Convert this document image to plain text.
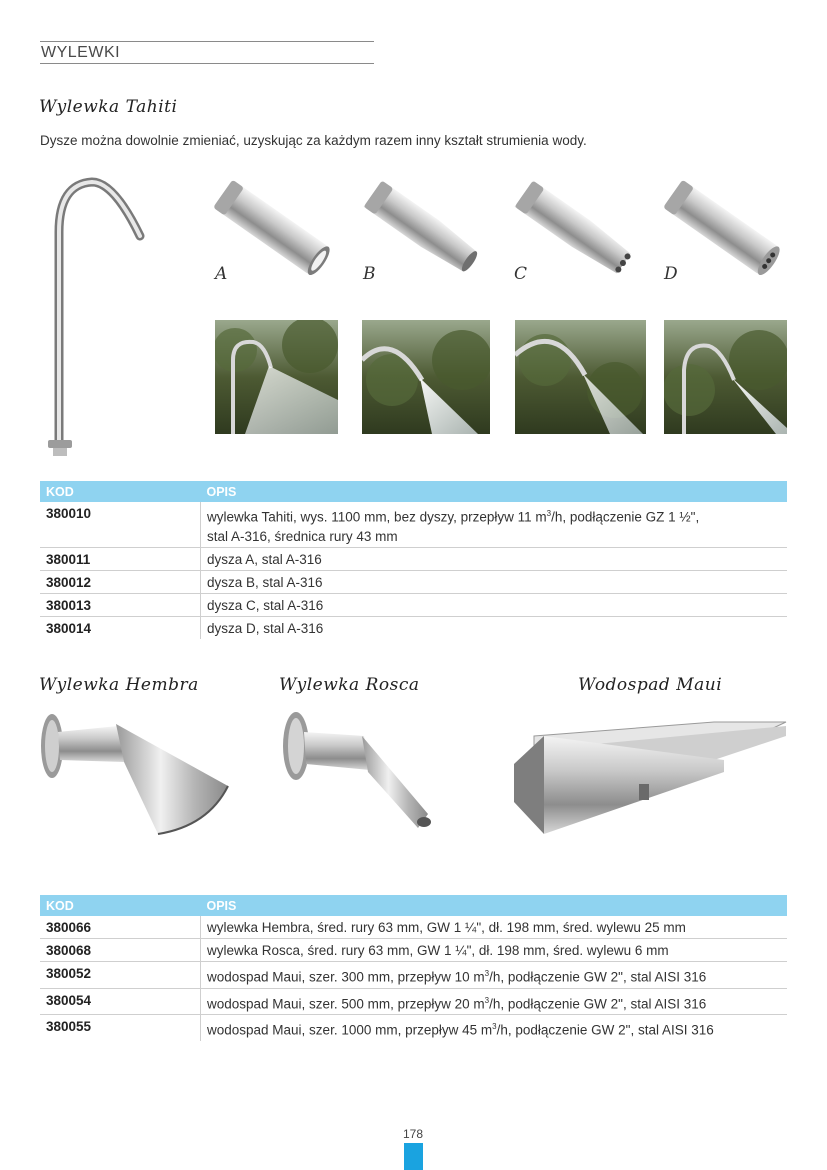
WYLEWKI
Wylewka Tahiti
Dysze można dowolnie zmieniać, uzyskując za każdym razem inny kształt strumienia wody.
A	B	C	D
KOD	OPIS
380010	wylewka Tahiti, wys. 1100 mm, bez dyszy, przepływ 11 $m^3/h$, podłączenie GZ 1 ½",
stal A-316, średnica rury 43 mm
380011	dysza A, stal A-316
380012	dysza B, stal A-316
380013	dysza C, stal A-316
380014	dysza D, stal A-316
Wylewka Hembra	Wylewka Rosca	Wodospad Maui
KOD	OPIS
380066	wylewka Hembra, śred. rury 63 mm, GW 1 ¼", dł. 198 mm, śred. wylewu 25 mm
380068	wylewka Rosca, śred. rury 63 mm, GW 1 ¼", dł. 198 mm, śred. wylewu 6 mm
380052	wodospad Maui, szer. 300 mm, przepływ 10 $m^3/h$, podłączenie GW 2", stal AISI 316
380054	wodospad Maui, szer. 500 mm, przepływ 20 $m^3/h$, podłączenie GW 2", stal AISI 316
380055	wodospad Maui, szer. 1000 mm, przepływ 45 $m^3/h$, podłączenie GW 2", stal AISI 316
178
